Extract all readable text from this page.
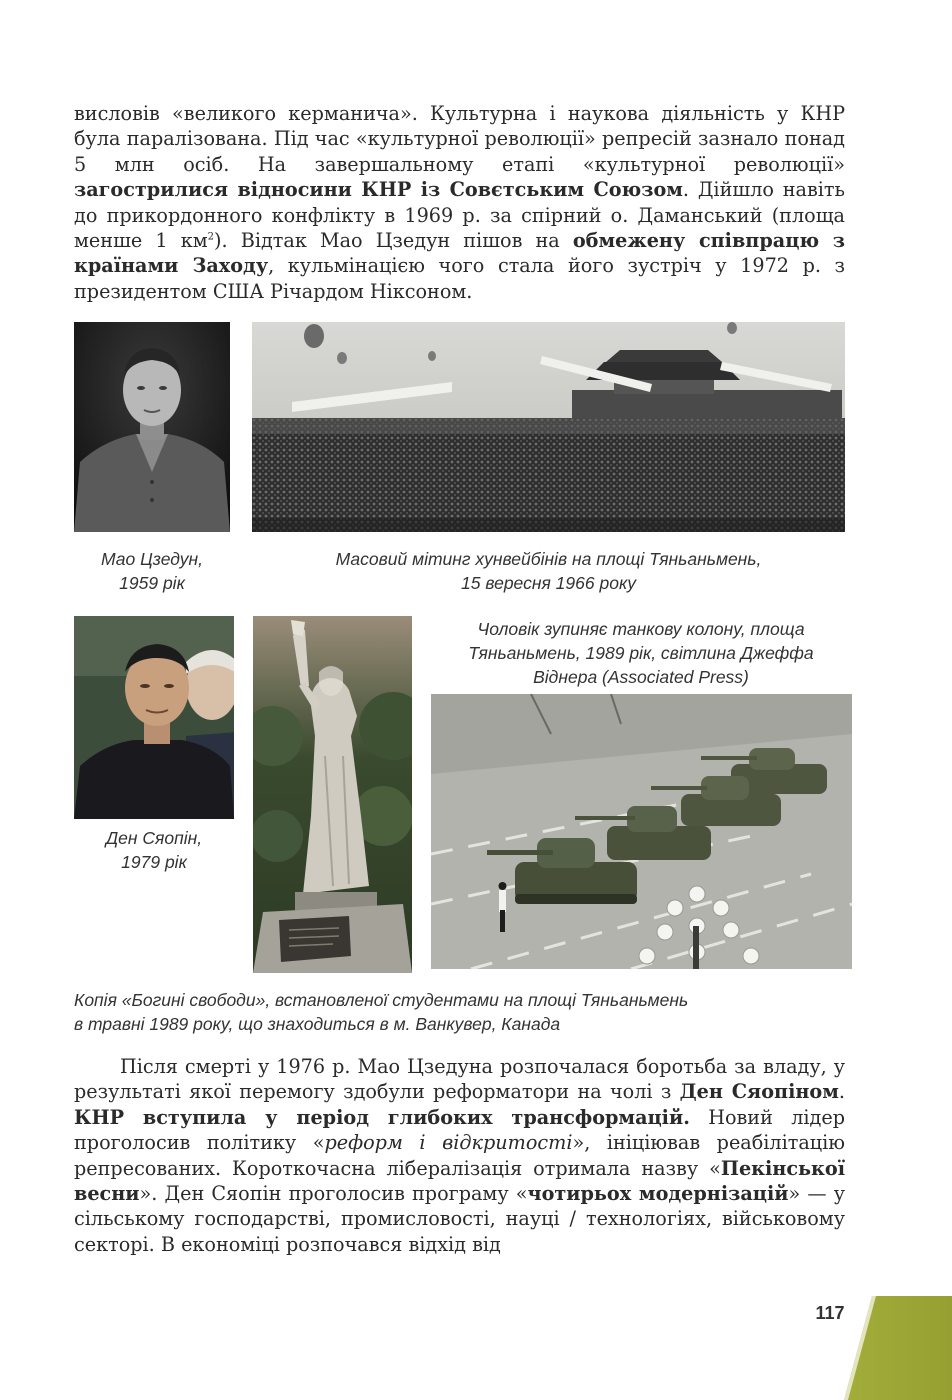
висловів «великого керманича». Культурна і наукова діяльність у КНР була паралізована. Під час «культурної революції» репресій зазнало понад 5 млн осіб. На завершальному етапі «культурної революції» загострилися відносини КНР із Совєтським Союзом. Дійшло навіть до прикордонного конфлікту в 1969 р. за спірний о. Даманський (площа менше 1 $км^2$). Відтак Мао Цзедун пішов на обмежену співпрацю з країнами Заходу, кульмінацією чого стала його зустріч у 1972 р. з президентом США Річардом Ніксоном.
Мао Цзедун,
1959 рік
Масовий мітинг хунвейбінів на площі Тяньаньмень,
15 вересня 1966 року
Ден Сяопін,
1979 рік
Чоловік зупиняє танкову колону, площа
Тяньаньмень, 1989 рік, світлина Джеффа
Віднера (Associated Press)
Копія «Богині свободи», встановленої студентами на площі Тяньаньмень
в травні 1989 року, що знаходиться в м. Ванкувер, Канада
Після смерті у 1976 р. Мао Цзедуна розпочалася боротьба за владу, у результаті якої перемогу здобули реформатори на чолі з Ден Сяопіном. КНР вступила у період глибоких трансформацій. Новий лідер проголосив політику «реформ і відкритості», ініціював реабілітацію репресованих. Короткочасна лібералізація отримала назву «Пекінської весни». Ден Сяопін проголосив програму «чотирьох модернізацій» — у сільському господарстві, промисловості, науці / технологіях, військовому секторі. В економіці розпочався відхід від
117
